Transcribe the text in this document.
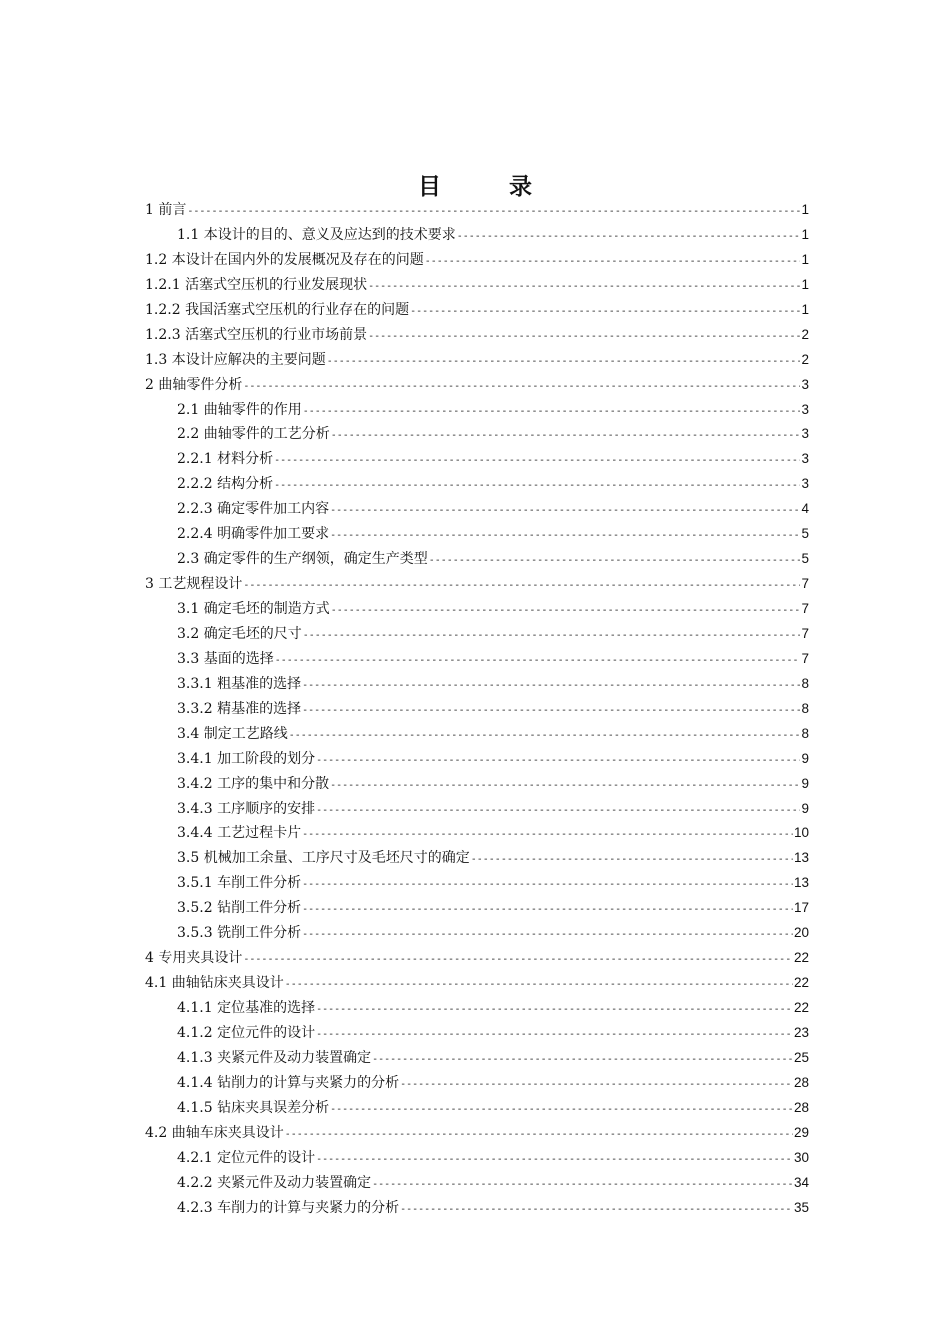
目 录
1 前言 -----	1
1.1 本设计的目的、意义及应达到的技术要求 -----	1
1.2 本设计在国内外的发展概况及存在的问题 -----	1
1.2.1 活塞式空压机的行业发展现状 -----	1
1.2.2 我国活塞式空压机的行业存在的问题 -----	1
1.2.3 活塞式空压机的行业市场前景 -----	2
1.3 本设计应解决的主要问题 -----	2
2 曲轴零件分析 -----	3
2.1 曲轴零件的作用 -----	3
2.2 曲轴零件的工艺分析 -----	3
2.2.1 材料分析 -----	3
2.2.2 结构分析 -----	3
2.2.3 确定零件加工内容 -----	4
2.2.4 明确零件加工要求 -----	5
2.3 确定零件的生产纲领，确定生产类型 -----	5
3 工艺规程设计 -----	7
3.1 确定毛坯的制造方式 -----	7
3.2 确定毛坯的尺寸 -----	7
3.3 基面的选择 -----	7
3.3.1 粗基准的选择 -----	8
3.3.2 精基准的选择 -----	8
3.4 制定工艺路线 -----	8
3.4.1 加工阶段的划分 -----	9
3.4.2 工序的集中和分散 -----	9
3.4.3 工序顺序的安排 -----	9
3.4.4 工艺过程卡片 -----	10
3.5 机械加工余量、工序尺寸及毛坯尺寸的确定 -----	13
3.5.1 车削工件分析 -----	13
3.5.2 钻削工件分析 -----	17
3.5.3 铣削工件分析 -----	20
4 专用夹具设计 -----	22
4.1 曲轴钻床夹具设计 -----	22
4.1.1 定位基准的选择 -----	22
4.1.2 定位元件的设计 -----	23
4.1.3 夹紧元件及动力装置确定 -----	25
4.1.4 钻削力的计算与夹紧力的分析 -----	28
4.1.5 钻床夹具误差分析 -----	28
4.2 曲轴车床夹具设计 -----	29
4.2.1 定位元件的设计 -----	30
4.2.2 夹紧元件及动力装置确定 -----	34
4.2.3 车削力的计算与夹紧力的分析 -----	35
